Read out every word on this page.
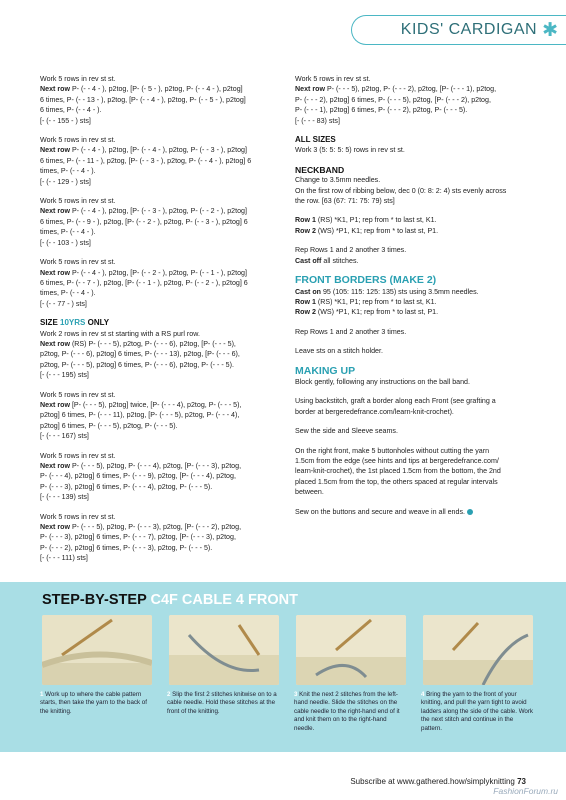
KIDS' CARDIGAN ✱
Work 5 rows in rev st st.
Next row P- (- - 4 - ), p2tog, [P- (- 5 - ), p2tog, P- (- - 4 - ), p2tog]
6 times, P- (- - 13 - ), p2tog, [P- (- - 4 - ), p2tog, P- (- - 5 - ), p2tog]
6 times, P- (- - 4 - ).
[- (- - 155 - ) sts]
Work 5 rows in rev st st.
Next row P- (- - 4 - ), p2tog, [P- (- - 4 - ), p2tog, P- (- - 3 - ), p2tog]
6 times, P- (- - 11 - ), p2tog, [P- (- - 3 - ), p2tog, P- (- - 4 - ), p2tog] 6
times, P- (- - 4 - ).
[- (- - 129 - ) sts]
Work 5 rows in rev st st.
Next row P- (- - 4 - ), p2tog, [P- (- - 3 - ), p2tog, P- (- - 2 - ), p2tog]
6 times, P- (- - 9 - ), p2tog, [P- (- - 2 - ), p2tog, P- (- - 3 - ), p2tog] 6
times, P- (- - 4 - ).
[- (- - 103 - ) sts]
Work 5 rows in rev st st.
Next row P- (- - 4 - ), p2tog, [P- (- - 2 - ), p2tog, P- (- - 1 - ), p2tog]
6 times, P- (- - 7 - ), p2tog, [P- (- - 1 - ), p2tog, P- (- - 2 - ), p2tog] 6
times, P- (- - 4 - ).
[- (- - 77 - ) sts]
SIZE 10YRS ONLY
Work 2 rows in rev st st starting with a RS purl row.
Next row (RS) P- (- - - 5), p2tog, P- (- - - 6), p2tog, [P- (- - - 5),
p2tog, P- (- - - 6), p2tog] 6 times, P- (- - - 13), p2tog, [P- (- - - 6),
p2tog, P- (- - - 5), p2tog] 6 times, P- (- - - 6), p2tog, P- (- - - 5).
[- (- - - 195) sts]
Work 5 rows in rev st st.
Next row [P- (- - - 5), p2tog] twice, [P- (- - - 4), p2tog, P- (- - - 5),
p2tog] 6 times, P- (- - - 11), p2tog, [P- (- - - 5), p2tog, P- (- - - 4),
p2tog] 6 times, P- (- - - 5), p2tog, P- (- - - 5).
[- (- - - 167) sts]
Work 5 rows in rev st st.
Next row P- (- - - 5), p2tog, P- (- - - 4), p2tog, [P- (- - - 3), p2tog,
P- (- - - 4), p2tog] 6 times, P- (- - - 9), p2tog, [P- (- - - 4), p2tog,
P- (- - - 3), p2tog] 6 times, P- (- - - 4), p2tog, P- (- - - 5).
[- (- - - 139) sts]
Work 5 rows in rev st st.
Next row P- (- - - 5), p2tog, P- (- - - 3), p2tog, [P- (- - - 2), p2tog,
P- (- - - 3), p2tog] 6 times, P- (- - - 7), p2tog, [P- (- - - 3), p2tog,
P- (- - - 2), p2tog] 6 times, P- (- - - 3), p2tog, P- (- - - 5).
[- (- - - 111) sts]
Work 5 rows in rev st st.
Next row P- (- - - 5), p2tog, P- (- - - 2), p2tog, [P- (- - - 1), p2tog,
P- (- - - 2), p2tog] 6 times, P- (- - - 5), p2tog, [P- (- - - 2), p2tog,
P- (- - - 1), p2tog] 6 times, P- (- - - 2), p2tog, P- (- - - 5).
[- (- - - 83) sts]
ALL SIZES
Work 3 (5: 5: 5: 5) rows in rev st st.
NECKBAND
Change to 3.5mm needles.
On the first row of ribbing below, dec 0 (0: 8: 2: 4) sts evenly across
the row. [63 (67: 71: 75: 79) sts]
Row 1 (RS) *K1, P1; rep from * to last st, K1.
Row 2 (WS) *P1, K1; rep from * to last st, P1.
Rep Rows 1 and 2 another 3 times.
Cast off all stitches.
FRONT BORDERS (MAKE 2)
Cast on 95 (105: 115: 125: 135) sts using 3.5mm needles.
Row 1 (RS) *K1, P1; rep from * to last st, K1.
Row 2 (WS) *P1, K1; rep from * to last st, P1.
Rep Rows 1 and 2 another 3 times.
Leave sts on a stitch holder.
MAKING UP
Block gently, following any instructions on the ball band.
Using backstitch, graft a border along each Front (see grafting a
border at bergeredefrance.com/learn-knit-crochet).
Sew the side and Sleeve seams.
On the right front, make 5 buttonholes without cutting the yarn
1.5cm from the edge (see hints and tips at bergeredefrance.com/
learn-knit-crochet), the 1st placed 1.5cm from the bottom, the 2nd
placed 1.5cm from the top, the others spaced at regular intervals
between.
Sew on the buttons and secure and weave in all ends.
STEP-BY-STEP C4F CABLE 4 FRONT
1 Work up to where the cable pattern starts, then take the yarn to the back of the knitting.
2 Slip the first 2 stitches knitwise on to a cable needle. Hold these stitches at the front of the knitting.
3 Knit the next 2 stitches from the left-hand needle. Slide the stitches on the cable needle to the right-hand end of it and knit them on to the right-hand needle.
4 Bring the yarn to the front of your knitting, and pull the yarn tight to avoid ladders along the side of the cable. Work the next stitch and continue in the pattern.
Subscribe at www.gathered.how/simplyknitting 73
FashionForum.ru
